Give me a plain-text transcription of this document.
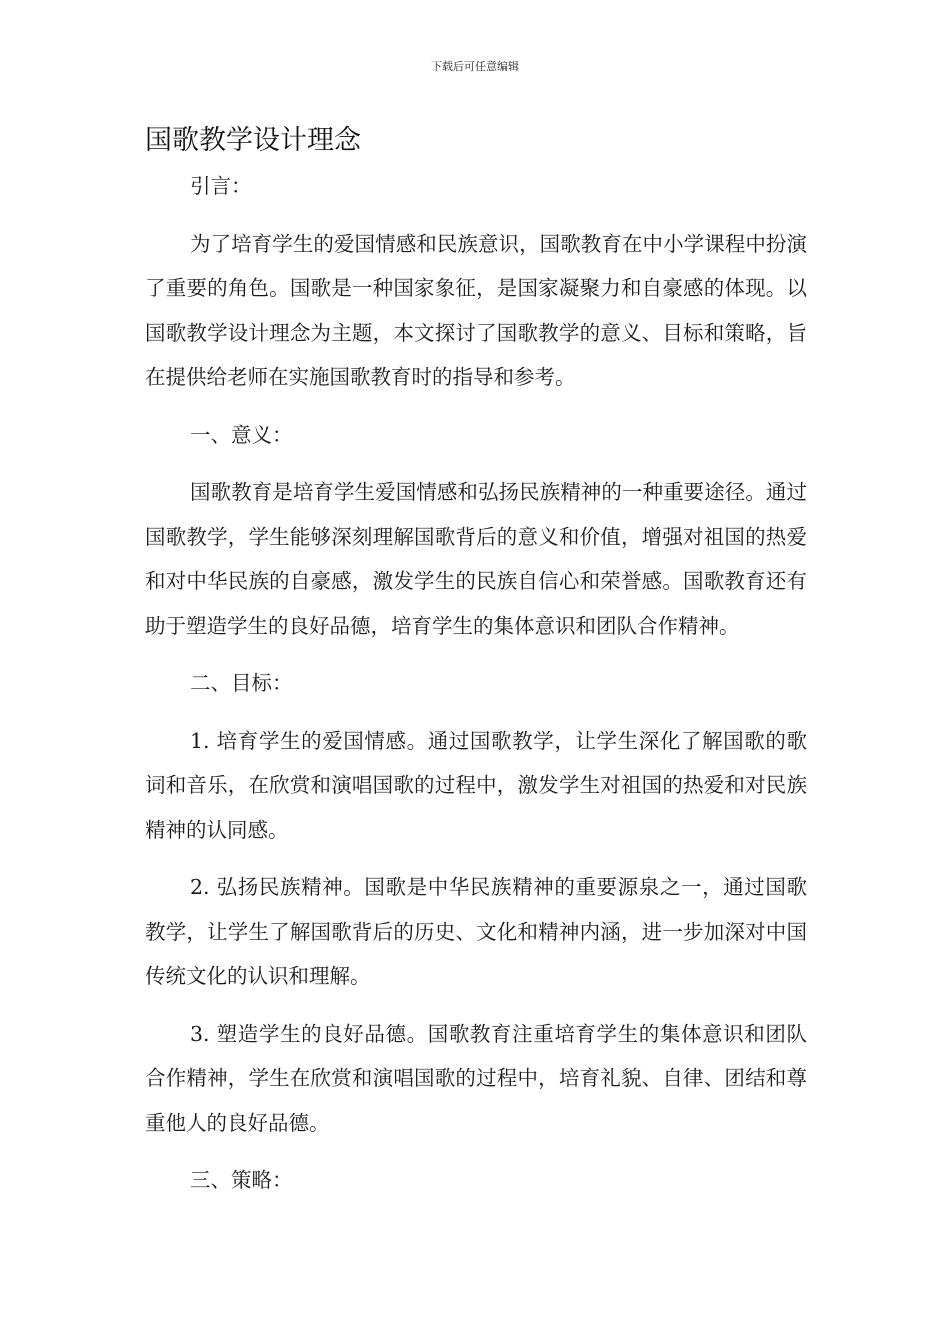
下载后可任意编辑
国歌教学设计理念

引言：

为了培育学生的爱国情感和民族意识，国歌教育在中小学课程中扮演了重要的角色。国歌是一种国家象征，是国家凝聚力和自豪感的体现。以国歌教学设计理念为主题，本文探讨了国歌教学的意义、目标和策略，旨在提供给老师在实施国歌教育时的指导和参考。

一、意义：

国歌教育是培育学生爱国情感和弘扬民族精神的一种重要途径。通过国歌教学，学生能够深刻理解国歌背后的意义和价值，增强对祖国的热爱和对中华民族的自豪感，激发学生的民族自信心和荣誉感。国歌教育还有助于塑造学生的良好品德，培育学生的集体意识和团队合作精神。

二、目标：

1. 培育学生的爱国情感。通过国歌教学，让学生深化了解国歌的歌词和音乐，在欣赏和演唱国歌的过程中，激发学生对祖国的热爱和对民族精神的认同感。

2. 弘扬民族精神。国歌是中华民族精神的重要源泉之一，通过国歌教学，让学生了解国歌背后的历史、文化和精神内涵，进一步加深对中国传统文化的认识和理解。

3. 塑造学生的良好品德。国歌教育注重培育学生的集体意识和团队合作精神，学生在欣赏和演唱国歌的过程中，培育礼貌、自律、团结和尊重他人的良好品德。

三、策略：
